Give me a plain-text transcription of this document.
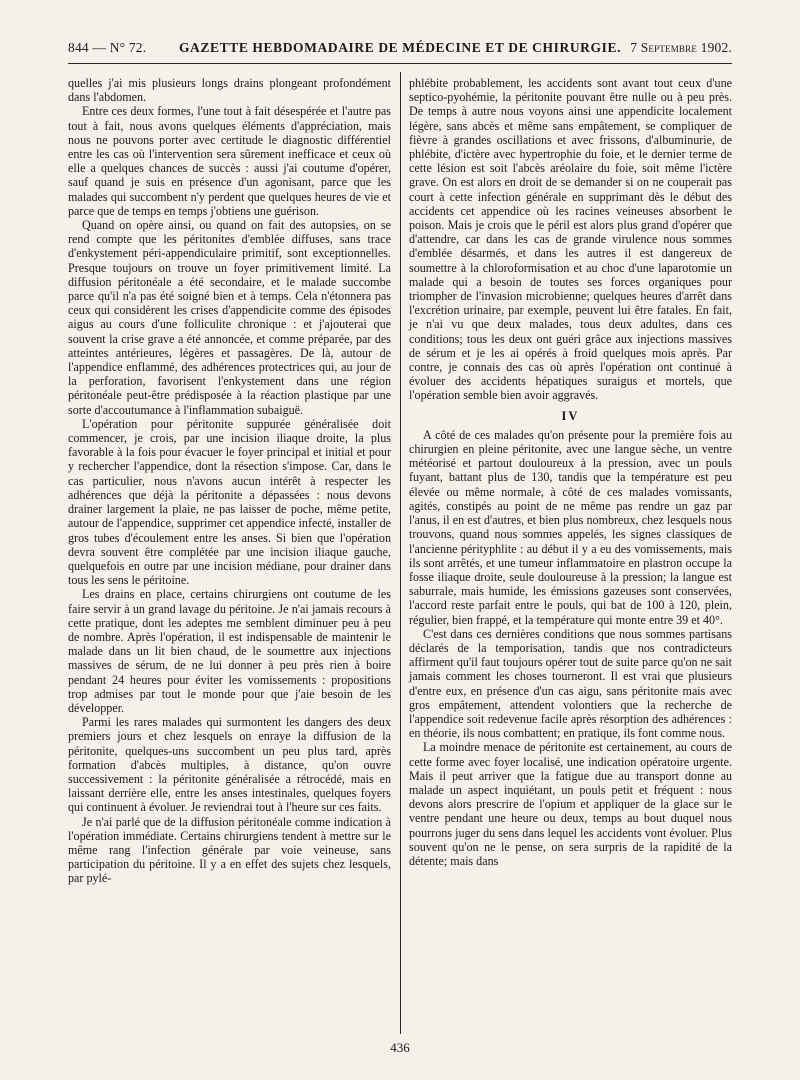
844 — N° 72.	GAZETTE HEBDOMADAIRE DE MÉDECINE ET DE CHIRURGIE. 7 Septembre 1902.

quelles j'ai mis plusieurs longs drains plongeant profondément dans l'abdomen.

Entre ces deux formes, l'une tout à fait désespérée et l'autre pas tout à fait, nous avons quelques éléments d'appréciation, mais nous ne pouvons porter avec certitude le diagnostic différentiel entre les cas où l'intervention sera sûrement inefficace et ceux où elle a quelques chances de succès : aussi j'ai coutume d'opérer, sauf quand je suis en présence d'un agonisant, parce que les malades qui succombent n'y perdent que quelques heures de vie et parce que de temps en temps j'obtiens une guérison.

Quand on opère ainsi, ou quand on fait des autopsies, on se rend compte que les péritonites d'emblée diffuses, sans trace d'enkystement péri-appendiculaire primitif, sont exceptionnelles. Presque toujours on trouve un foyer primitivement limité. La diffusion péritonéale a été secondaire, et le malade succombe parce qu'il n'a pas été soigné bien et à temps. Cela n'étonnera pas ceux qui considèrent les crises d'appendicite comme des épisodes aigus au cours d'une folliculite chronique : et j'ajouterai que souvent la crise grave a été annoncée, et comme préparée, par des atteintes antérieures, légères et passagères. De là, autour de l'appendice enflammé, des adhérences protectrices qui, au jour de la perforation, favorisent l'enkystement dans une région péritonéale peut-être prédisposée à la réaction plastique par une sorte d'accoutumance à l'inflammation subaiguë.

L'opération pour péritonite suppurée généralisée doit commencer, je crois, par une incision iliaque droite, la plus favorable à la fois pour évacuer le foyer principal et initial et pour y rechercher l'appendice, dont la résection s'impose. Car, dans le cas particulier, nous n'avons aucun intérêt à respecter les adhérences que déjà la péritonite a dépassées : nous devons drainer largement la plaie, ne pas laisser de poche, même petite, autour de l'appendice, supprimer cet appendice infecté, installer de gros tubes d'écoulement entre les anses. Si bien que l'opération devra souvent être complétée par une incision iliaque gauche, quelquefois en outre par une incision médiane, pour drainer dans tous les sens le péritoine.

Les drains en place, certains chirurgiens ont coutume de les faire servir à un grand lavage du péritoine. Je n'ai jamais recours à cette pratique, dont les adeptes me semblent diminuer peu à peu de nombre. Après l'opération, il est indispensable de maintenir le malade dans un lit bien chaud, de le soumettre aux injections massives de sérum, de ne lui donner à peu près rien à boire pendant 24 heures pour éviter les vomissements : propositions trop admises par tout le monde pour que j'aie besoin de les développer.

Parmi les rares malades qui surmontent les dangers des deux premiers jours et chez lesquels on enraye la diffusion de la péritonite, quelques-uns succombent un peu plus tard, après formation d'abcès multiples, à distance, qu'on ouvre successivement : la péritonite généralisée a rétrocédé, mais en laissant derrière elle, entre les anses intestinales, quelques foyers qui continuent à évoluer. Je reviendrai tout à l'heure sur ces faits.

Je n'ai parlé que de la diffusion péritonéale comme indication à l'opération immédiate. Certains chirurgiens tendent à mettre sur le même rang l'infection générale par voie veineuse, sans participation du péritoine. Il y a en effet des sujets chez lesquels, par pylé-

phlébite probablement, les accidents sont avant tout ceux d'une septico-pyohémie, la péritonite pouvant être nulle ou à peu près. De temps à autre nous voyons ainsi une appendicite localement légère, sans abcès et même sans empâtement, se compliquer de fièvre à grandes oscillations et avec frissons, d'albuminurie, de phlébite, d'ictère avec hypertrophie du foie, et le dernier terme de cette lésion est soit l'abcès aréolaire du foie, soit même l'ictère grave. On est alors en droit de se demander si on ne couperait pas court à cette infection générale en supprimant dès le début des accidents cet appendice où les racines veineuses absorbent le poison. Mais je crois que le péril est alors plus grand d'opérer que d'attendre, car dans les cas de grande virulence nous sommes d'emblée désarmés, et dans les autres il est dangereux de soumettre à la chloroformisation et au choc d'une laparotomie un malade qui a besoin de toutes ses forces organiques pour triompher de l'invasion microbienne; quelques heures d'arrêt dans l'excrétion urinaire, par exemple, peuvent lui être fatales. En fait, je n'ai vu que deux malades, tous deux adultes, dans ces conditions; tous les deux ont guéri grâce aux injections massives de sérum et je les ai opérés à froid quelques mois après. Par contre, je connais des cas où après l'opération ont continué à évoluer des accidents hépatiques suraigus et mortels, que l'opération semble bien avoir aggravés.

IV

A côté de ces malades qu'on présente pour la première fois au chirurgien en pleine péritonite, avec une langue sèche, un ventre météorisé et partout douloureux à la pression, avec un pouls fuyant, battant plus de 130, tandis que la température est peu élevée ou même normale, à côté de ces malades vomissants, agités, constipés au point de ne même pas rendre un gaz par l'anus, il en est d'autres, et bien plus nombreux, chez lesquels nous trouvons, quand nous sommes appelés, les signes classiques de l'ancienne pérityphlite : au début il y a eu des vomissements, mais ils sont arrêtés, et une tumeur inflammatoire en plastron occupe la fosse iliaque droite, seule douloureuse à la pression; la langue est saburrale, mais humide, les émissions gazeuses sont conservées, l'accord reste parfait entre le pouls, qui bat de 100 à 120, plein, régulier, bien frappé, et la température qui monte entre 39 et 40°.

C'est dans ces dernières conditions que nous sommes partisans déclarés de la temporisation, tandis que nos contradicteurs affirment qu'il faut toujours opérer tout de suite parce qu'on ne sait jamais comment les choses tourneront. Il est vrai que plusieurs d'entre eux, en présence d'un cas aigu, sans péritonite mais avec gros empâtement, attendent volontiers que la recherche de l'appendice soit redevenue facile après résorption des adhérences : en théorie, ils nous combattent; en pratique, ils font comme nous.

La moindre menace de péritonite est certainement, au cours de cette forme avec foyer localisé, une indication opératoire urgente. Mais il peut arriver que la fatigue due au transport donne au malade un aspect inquiétant, un pouls petit et fréquent : nous devons alors prescrire de l'opium et appliquer de la glace sur le ventre pendant une heure ou deux, temps au bout duquel nous pourrons juger du sens dans lequel les accidents vont évoluer. Plus souvent qu'on ne le pense, on sera surpris de la rapidité de la détente; mais dans

436
